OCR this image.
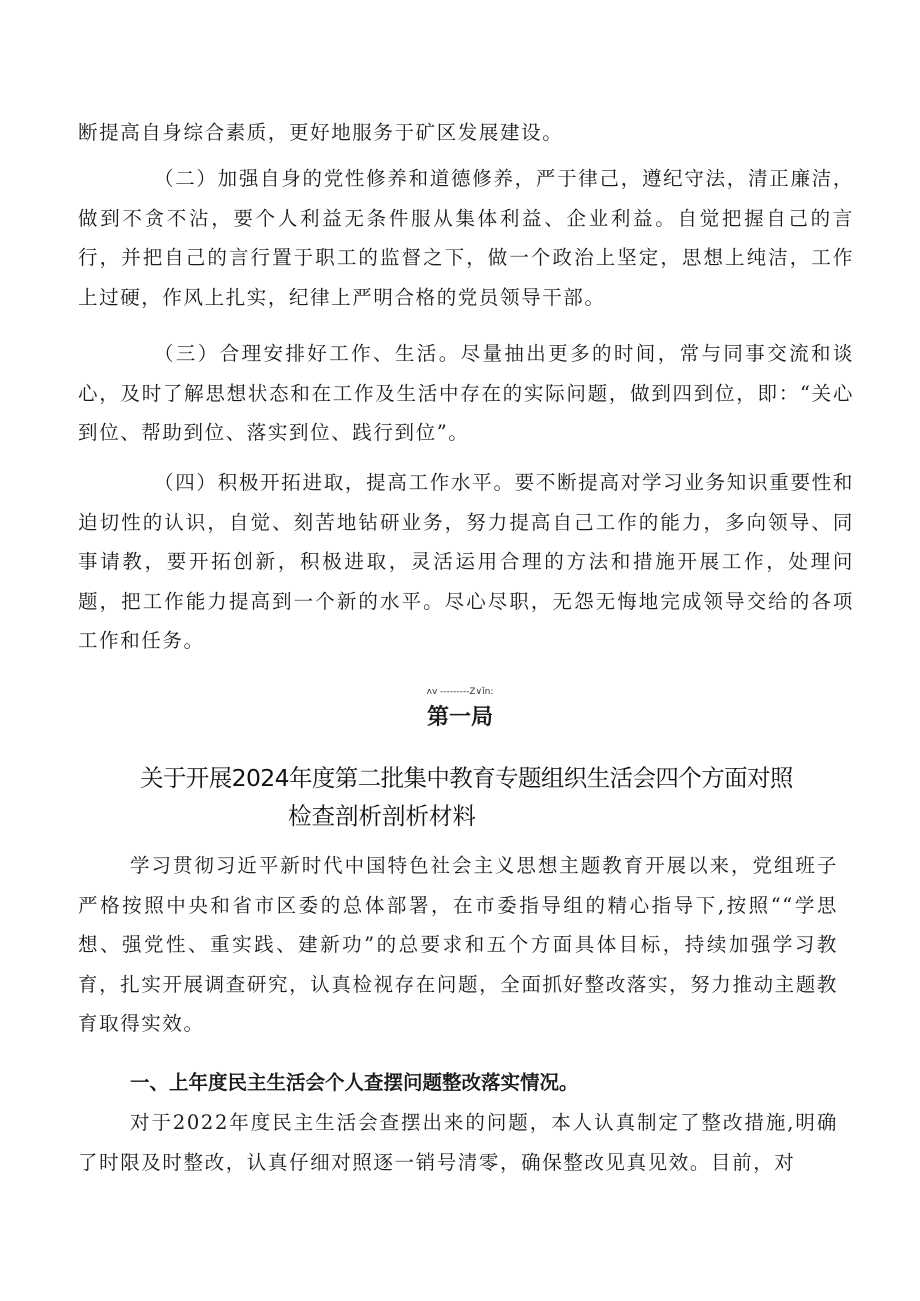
断提高自身综合素质，更好地服务于矿区发展建设。

（二）加强自身的党性修养和道德修养，严于律己，遵纪守法，清正廉洁，做到不贪不沾，要个人利益无条件服从集体利益、企业利益。自觉把握自己的言行，并把自己的言行置于职工的监督之下，做一个政治上坚定，思想上纯洁，工作上过硬，作风上扎实，纪律上严明合格的党员领导干部。

（三）合理安排好工作、生活。尽量抽出更多的时间，常与同事交流和谈心，及时了解思想状态和在工作及生活中存在的实际问题，做到四到位，即：“关心到位、帮助到位、落实到位、践行到位”。

（四）积极开拓进取，提高工作水平。要不断提高对学习业务知识重要性和迫切性的认识，自觉、刻苦地钻研业务，努力提高自己工作的能力，多向领导、同事请教，要开拓创新，积极进取，灵活运用合理的方法和措施开展工作，处理问题，把工作能力提高到一个新的水平。尽心尽职，无怨无悔地完成领导交给的各项工作和任务。

ʌv ---------Z∨ǐn:
第一局
关于开展2024年度第二批集中教育专题组织生活会四个方面对照
检查剖析剖析材料

学习贯彻习近平新时代中国特色社会主义思想主题教育开展以来，党组班子严格按照中央和省市区委的总体部署，在市委指导组的精心指导下,按照““学思想、强党性、重实践、建新功”的总要求和五个方面具体目标，持续加强学习教育，扎实开展调查研究，认真检视存在问题，全面抓好整改落实，努力推动主题教育取得实效。

一、上年度民主生活会个人查摆问题整改落实情况。

对于2022年度民主生活会查摆出来的问题，本人认真制定了整改措施,明确了时限及时整改，认真仔细对照逐一销号清零，确保整改见真见效。目前，对
